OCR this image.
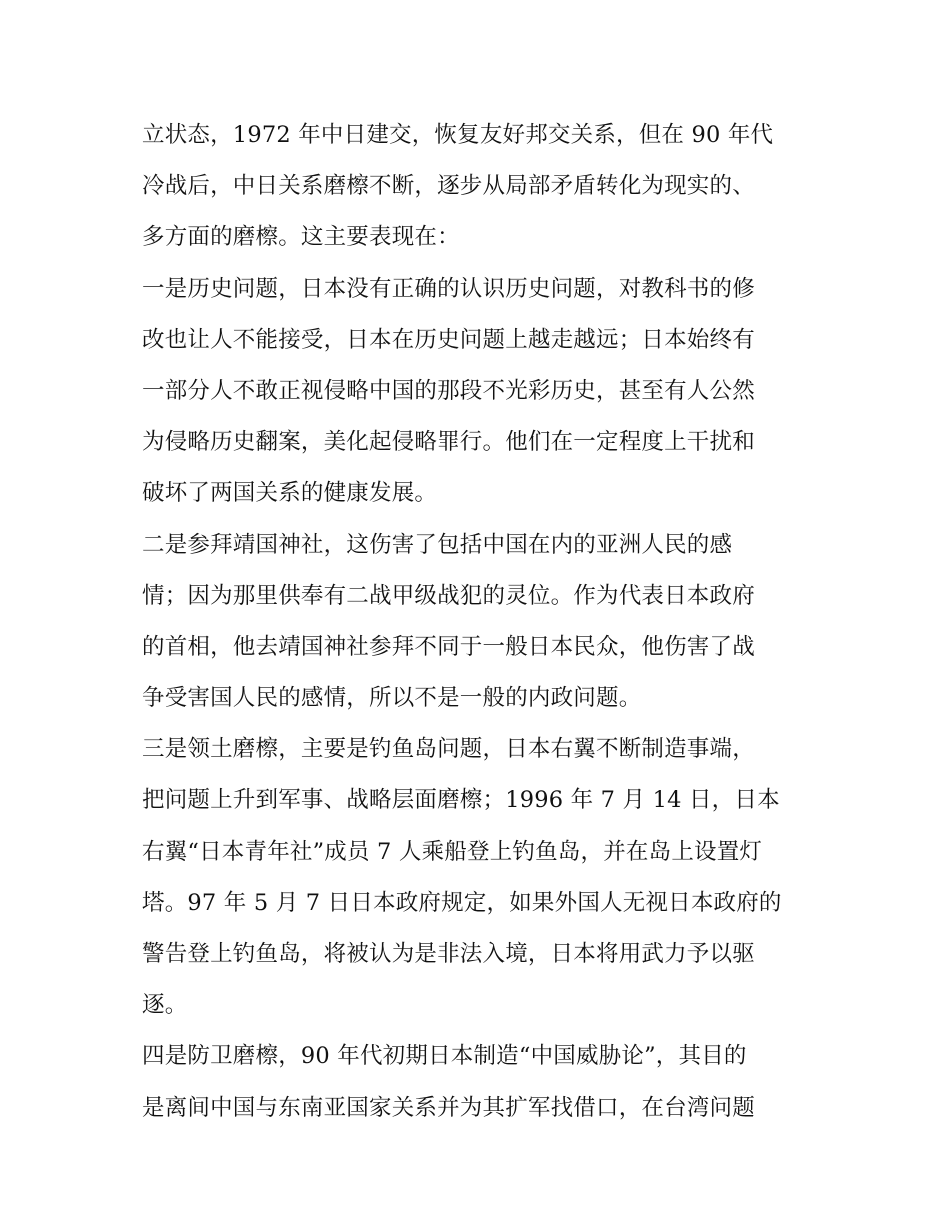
立状态，1972 年中日建交，恢复友好邦交关系，但在 90 年代
冷战后，中日关系磨檫不断，逐步从局部矛盾转化为现实的、
多方面的磨檫。这主要表现在：
一是历史问题，日本没有正确的认识历史问题，对教科书的修
改也让人不能接受，日本在历史问题上越走越远；日本始终有
一部分人不敢正视侵略中国的那段不光彩历史，甚至有人公然
为侵略历史翻案，美化起侵略罪行。他们在一定程度上干扰和
破坏了两国关系的健康发展。
二是参拜靖国神社，这伤害了包括中国在内的亚洲人民的感
情；因为那里供奉有二战甲级战犯的灵位。作为代表日本政府
的首相，他去靖国神社参拜不同于一般日本民众，他伤害了战
争受害国人民的感情，所以不是一般的内政问题。
三是领土磨檫，主要是钓鱼岛问题，日本右翼不断制造事端，
把问题上升到军事、战略层面磨檫；1996 年 7 月 14 日，日本
右翼“日本青年社”成员 7 人乘船登上钓鱼岛，并在岛上设置灯
塔。97 年 5 月 7 日日本政府规定，如果外国人无视日本政府的
警告登上钓鱼岛，将被认为是非法入境，日本将用武力予以驱
逐。
四是防卫磨檫，90 年代初期日本制造“中国威胁论”，其目的
是离间中国与东南亚国家关系并为其扩军找借口，在台湾问题
